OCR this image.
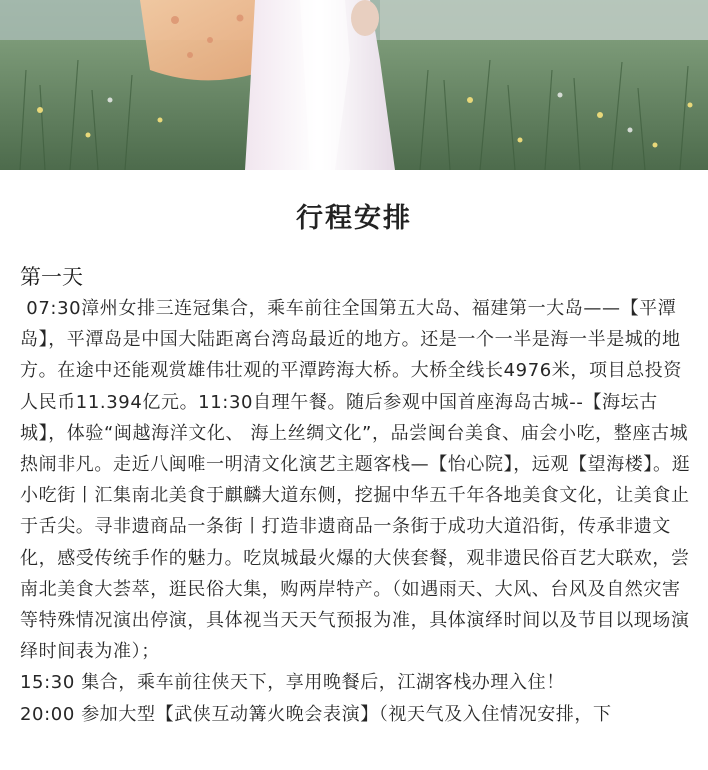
行程安排
第一天

07:30漳州女排三连冠集合，乘车前往全国第五大岛、福建第一大岛——【平潭岛】，平潭岛是中国大陆距离台湾岛最近的地方。还是一个一半是海一半是城的地方。在途中还能观赏雄伟壮观的平潭跨海大桥。大桥全线长4976米，项目总投资人民币11.394亿元。11:30自理午餐。随后参观中国首座海岛古城--【海坛古城】，体验“闽越海洋文化、 海上丝绸文化”，品尝闽台美食、庙会小吃，整座古城热闹非凡。走近八闽唯一明清文化演艺主题客栈—【怡心院】，远观【望海楼】。逛小吃街丨汇集南北美食于麒麟大道东侧，挖掘中华五千年各地美食文化，让美食止于舌尖。寻非遗商品一条街丨打造非遗商品一条街于成功大道沿街，传承非遗文化，感受传统手作的魅力。吃岚城最火爆的大侠套餐，观非遗民俗百艺大联欢，尝南北美食大荟萃，逛民俗大集，购两岸特产。（如遇雨天、大风、台风及自然灾害等特殊情况演出停演，具体视当天天气预报为准，具体演绎时间以及节目以现场演绎时间表为准）；

15:30 集合，乘车前往侠天下，享用晚餐后，江湖客栈办理入住！

20:00 参加大型【武侠互动篝火晚会表演】（视天气及入住情况安排，下
